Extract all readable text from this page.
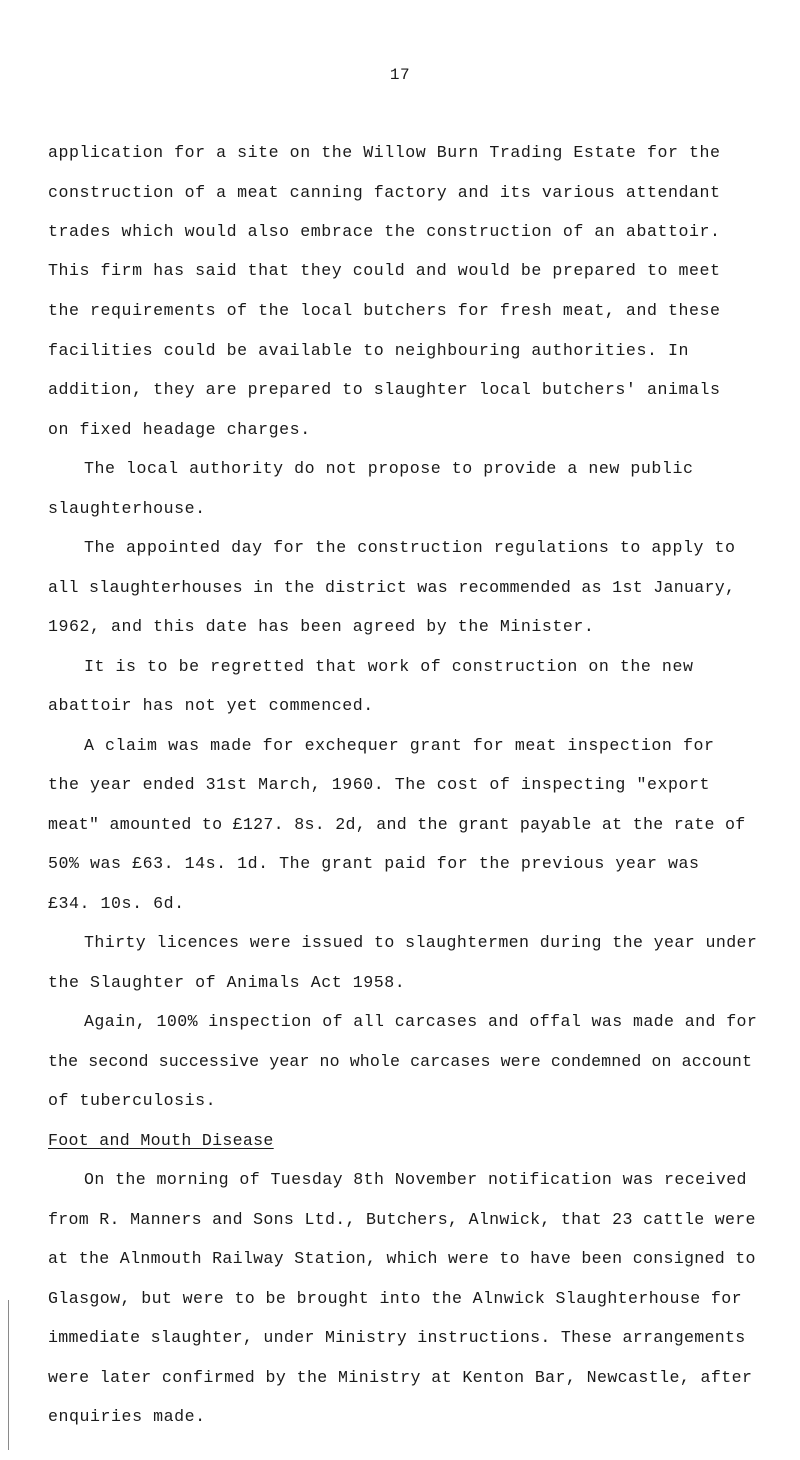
17
application for a site on the Willow Burn Trading Estate for the
construction of a meat canning factory and its various attendant
trades which would also embrace the construction of an abattoir.
This firm has said that they could and would be prepared to meet
the requirements of the local butchers for fresh meat, and these
facilities could be available to neighbouring authorities. In
addition, they are prepared to slaughter local butchers' animals
on fixed headage charges.
The local authority do not propose to provide a new public
slaughterhouse.
The appointed day for the construction regulations to apply to
all slaughterhouses in the district was recommended as 1st January,
1962, and this date has been agreed by the Minister.
It is to be regretted that work of construction on the new
abattoir has not yet commenced.
A claim was made for exchequer grant for meat inspection for
the year ended 31st March, 1960. The cost of inspecting "export
meat" amounted to £127. 8s. 2d, and the grant payable at the rate of
50% was £63. 14s. 1d. The grant paid for the previous year was
£34. 10s. 6d.
Thirty licences were issued to slaughtermen during the year under
the Slaughter of Animals Act 1958.
Again, 100% inspection of all carcases and offal was made and for
the second successive year no whole carcases were condemned on account
of tuberculosis.
Foot and Mouth Disease
On the morning of Tuesday 8th November notification was received
from R. Manners and Sons Ltd., Butchers, Alnwick, that 23 cattle were
at the Alnmouth Railway Station, which were to have been consigned to
Glasgow, but were to be brought into the Alnwick Slaughterhouse for
immediate slaughter, under Ministry instructions. These arrangements
were later confirmed by the Ministry at Kenton Bar, Newcastle, after
enquiries made.
